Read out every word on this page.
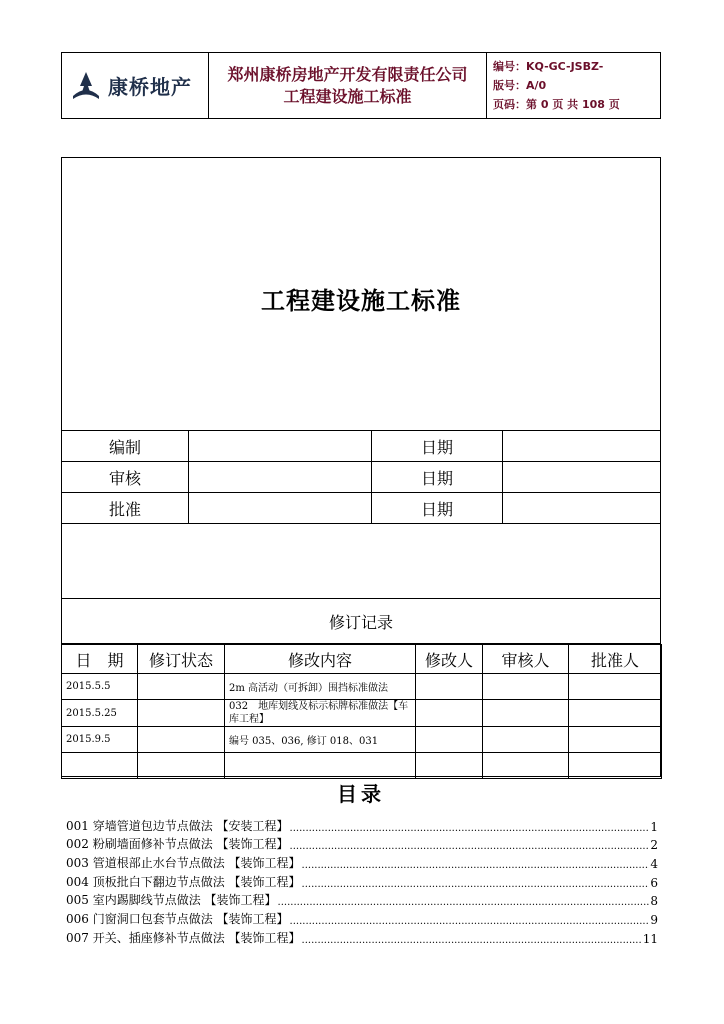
康桥地产
郑州康桥房地产开发有限责任公司
工程建设施工标准
编号：KQ-GC-JSBZ-
版号：A/0
页码：第 0 页 共 108 页
工程建设施工标准
编制		日期	
审核		日期	
批准		日期	
修订记录
日　期	修订状态	修改内容	修改人	审核人	批准人
2015.5.5		2m 高活动（可拆卸）围挡标准做法			
2015.5.25		032　地库划线及标示标牌标准做法【车库工程】			
2015.9.5		编号 035、036, 修订 018、031			

目录
001 穿墙管道包边节点做法 【安装工程】 .....	1
002 粉刷墙面修补节点做法 【装饰工程】 .....	2
003 管道根部止水台节点做法 【装饰工程】 .....	4
004 顶板批白下翻边节点做法 【装饰工程】 .....	6
005 室内踢脚线节点做法 【装饰工程】 .....	8
006 门窗洞口包套节点做法 【装饰工程】 .....	9
007 开关、插座修补节点做法 【装饰工程】 .....	11
